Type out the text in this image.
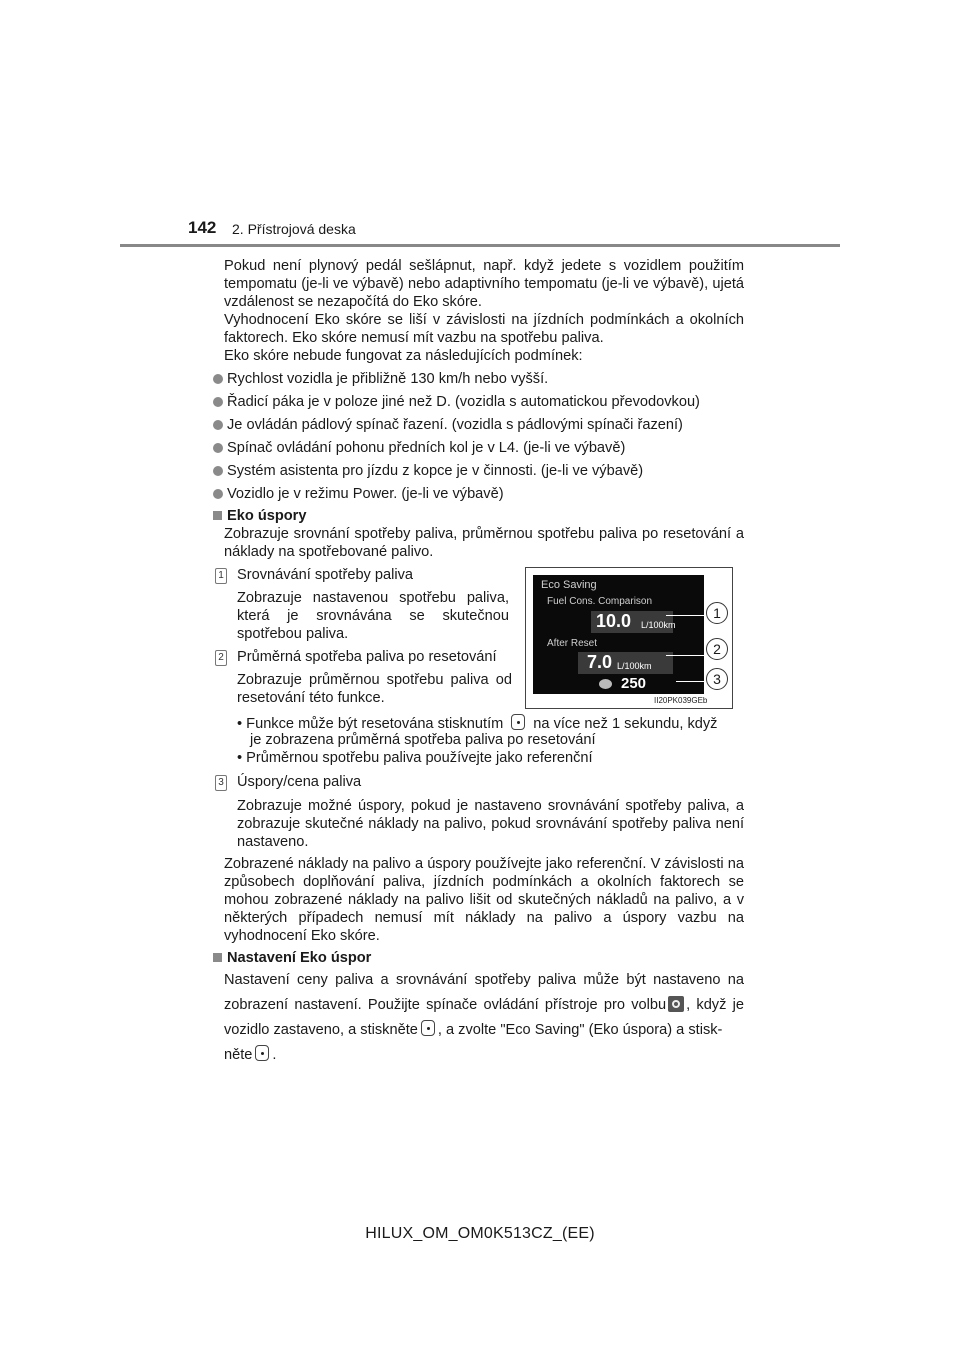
142 2. Přístrojová deska
Pokud není plynový pedál sešlápnut, např. když jedete s vozidlem použitím tempomatu (je-li ve výbavě) nebo adaptivního tempomatu (je-li ve výbavě), ujetá vzdálenost se nezapočítá do Eko skóre.
Vyhodnocení Eko skóre se liší v závislosti na jízdních podmínkách a okolních faktorech. Eko skóre nemusí mít vazbu na spotřebu paliva.
Eko skóre nebude fungovat za následujících podmínek:
Rychlost vozidla je přibližně 130 km/h nebo vyšší.
Řadicí páka je v poloze jiné než D. (vozidla s automatickou převodovkou)
Je ovládán pádlový spínač řazení. (vozidla s pádlovými spínači řazení)
Spínač ovládání pohonu předních kol je v L4. (je-li ve výbavě)
Systém asistenta pro jízdu z kopce je v činnosti. (je-li ve výbavě)
Vozidlo je v režimu Power. (je-li ve výbavě)
Eko úspory
Zobrazuje srovnání spotřeby paliva, průměrnou spotřebu paliva po resetování a náklady na spotřebované palivo.
1 Srovnávání spotřeby paliva
Zobrazuje nastavenou spotřebu paliva, která je srovnávána se skutečnou spotřebou paliva.
2 Průměrná spotřeba paliva po resetování
Zobrazuje průměrnou spotřebu paliva od resetování této funkce.
• Funkce může být resetována stisknutím na více než 1 sekundu, když
je zobrazena průměrná spotřeba paliva po resetování
• Průměrnou spotřebu paliva používejte jako referenční
3 Úspory/cena paliva
Zobrazuje možné úspory, pokud je nastaveno srovnávání spotřeby paliva, a zobrazuje skutečné náklady na palivo, pokud srovnávání spotřeby paliva není nastaveno.
Zobrazené náklady na palivo a úspory používejte jako referenční. V závislosti na způsobech doplňování paliva, jízdních podmínkách a okolních faktorech se mohou zobrazené náklady na palivo lišit od skutečných nákladů na palivo, a v některých případech nemusí mít náklady na palivo a úspory vazbu na vyhodnocení Eko skóre.
Nastavení Eko úspor
Nastavení ceny paliva a srovnávání spotřeby paliva může být nastaveno na zobrazení nastavení. Použijte spínače ovládání přístroje pro volbu , když je vozidlo zastaveno, a stiskněte , a zvolte "Eco Saving" (Eko úspora) a stisk-
něte .
Eco Saving
Fuel Cons. Comparison
10.0 L/100km
After Reset
7.0 L/100km
250
1
2
3
II20PK039GEb
HILUX_OM_OM0K513CZ_(EE)
